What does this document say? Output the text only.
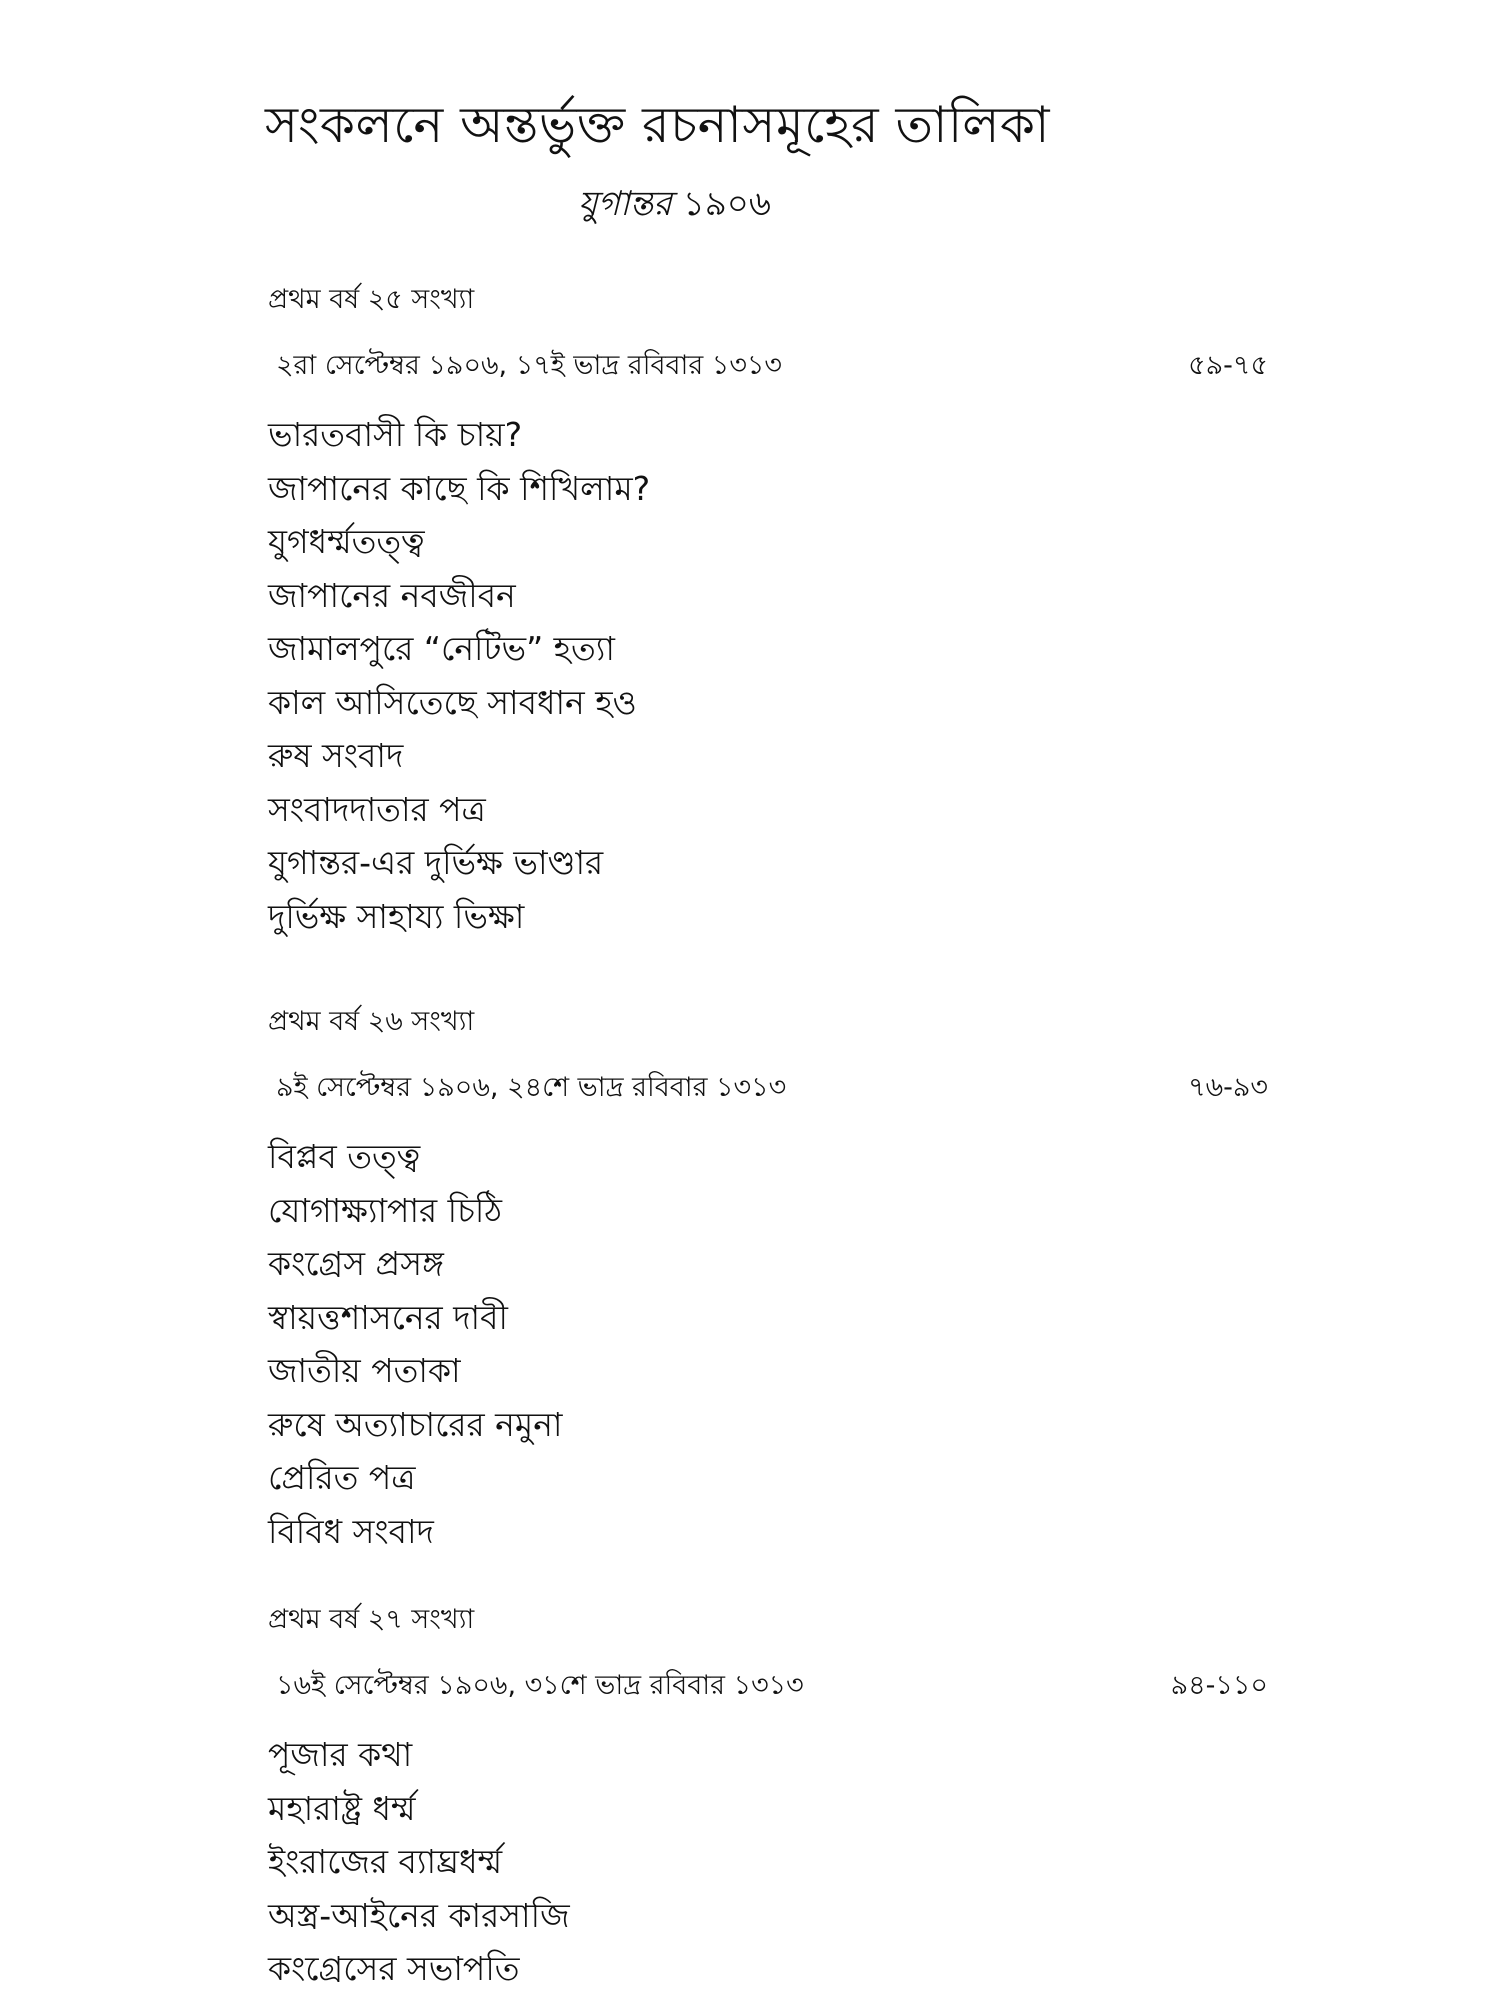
সংকলনে অন্তর্ভুক্ত রচনাসমূহের তালিকা
যুগান্তর ১৯০৬
প্রথম বর্ষ ২৫ সংখ্যা
২রা সেপ্টেম্বর ১৯০৬, ১৭ই ভাদ্র রবিবার ১৩১৩	৫৯-৭৫
ভারতবাসী কি চায়?
জাপানের কাছে কি শিখিলাম?
যুগধর্ম্মতত্ত্ব
জাপানের নবজীবন
জামালপুরে “নেটিভ” হত্যা
কাল আসিতেছে সাবধান হও
রুষ সংবাদ
সংবাদদাতার পত্র
যুগান্তর-এর দুর্ভিক্ষ ভাণ্ডার
দুর্ভিক্ষ সাহায্য ভিক্ষা
প্রথম বর্ষ ২৬ সংখ্যা
৯ই সেপ্টেম্বর ১৯০৬, ২৪শে ভাদ্র রবিবার ১৩১৩	৭৬-৯৩
বিপ্লব তত্ত্ব
যোগাক্ষ্যাপার চিঠি
কংগ্রেস প্রসঙ্গ
স্বায়ত্তশাসনের দাবী
জাতীয় পতাকা
রুষে অত্যাচারের নমুনা
প্রেরিত পত্র
বিবিধ সংবাদ
প্রথম বর্ষ ২৭ সংখ্যা
১৬ই সেপ্টেম্বর ১৯০৬, ৩১শে ভাদ্র রবিবার ১৩১৩	৯৪-১১০
পূজার কথা
মহারাষ্ট্র ধর্ম্ম
ইংরাজের ব্যাঘ্রধর্ম্ম
অস্ত্র-আইনের কারসাজি
কংগ্রেসের সভাপতি
